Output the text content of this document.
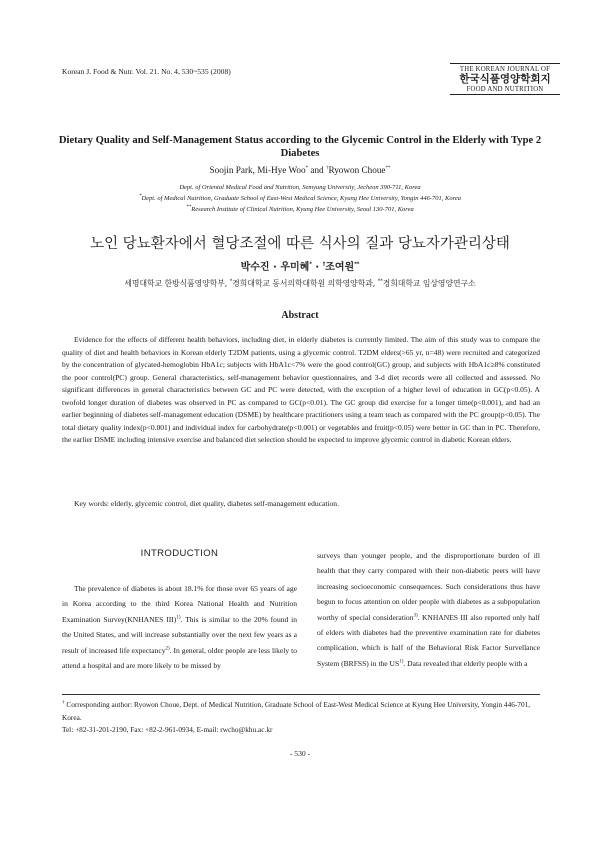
Korean J. Food & Nutr. Vol. 21. No. 4, 530~535 (2008)	THE KOREAN JOURNAL OF
한국식품영양학회지
FOOD AND NUTRITION
Dietary Quality and Self-Management Status according to the Glycemic Control in the Elderly with Type 2 Diabetes
Soojin Park, Mi-Hye Woo* and †Ryowon Choue**
Dept. of Oriental Medical Food and Nutrition, Semyung University, Jecheon 390-711, Korea
*Dept. of Medical Nutrition, Graduate School of East-West Medical Science, Kyung Hee University, Yongin 446-701, Korea
**Research Institute of Clinical Nutrition, Kyung Hee University, Seoul 130-701, Korea
노인 당뇨환자에서 혈당조절에 따른 식사의 질과 당뇨자가관리상태
박수진 · 우미혜* · †조여원**
세명대학교 한방식품영양학부, *경희대학교 동서의학대학원 의학영양학과, **경희대학교 임상영양연구소
Abstract

Evidence for the effects of different health behaviors, including diet, in elderly diabetes is currently limited. The aim of this study was to compare the quality of diet and health behaviors in Korean elderly T2DM patients, using a glycemic control. T2DM elders(>65 yr, n=48) were recruited and categorized by the concentration of glycated-hemoglobin HbA1c; subjects with HbA1c<7% were the good control(GC) group, and subjects with HbA1c≥8% constituted the poor control(PC) group. General characteristics, self-management behavior questionnaires, and 3-d diet records were all collected and assessed. No significant differences in general characteristics between GC and PC were detected, with the exception of a higher level of education in GC(p<0.05). A twofold longer duration of diabetes was observed in PC as compared to GC(p<0.01). The GC group did exercise for a longer time(p<0.001), and had an earlier beginning of diabetes self-management education (DSME) by healthcare practitioners using a team teach as compared with the PC group(p<0.05). The total dietary quality index(p<0.001) and individual index for carbohydrate(p<0.001) or vegetables and fruit(p<0.05) were better in GC than in PC. Therefore, the earlier DSME including intensive exercise and balanced diet selection should be expected to improve glycemic control in diabetic Korean elders.

Key words: elderly, glycemic control, diet quality, diabetes self-management education.
INTRODUCTION

The prevalence of diabetes is about 18.1% for those over 65 years of age in Korea according to the third Korea National Health and Nutrition Examination Survey(KNHANES III)$^{1)}$. This is similar to the 20% found in the United States, and will increase substantially over the next few years as a result of increased life expectancy$^{2)}$. In general, older people are less likely to attend a hospital and are more likely to be missed by

surveys than younger people, and the disproportionate burden of ill health that they carry compared with their non-diabetic peers will have increasing socioeconomic consequences. Such considerations thus have begun to focus attention on older people with diabetes as a subpopulation worthy of special consideration$^{3)}$. KNHANES III also reported only half of elders with diabetes had the preventive examination rate for diabetes complication, which is half of the Behavioral Risk Factor Survellance System (BRFSS) in the US$^{1)}$. Data revealed that elderly people with a

† Corresponding author: Ryowon Choue, Dept. of Medical Nutrition, Graduate School of East-West Medical Science at Kyung Hee University, Yongin 446-701, Korea.
Tel: +82-31-201-2190, Fax: +82-2-961-0934, E-mail: rwcho@khu.ac.kr

- 530 -
